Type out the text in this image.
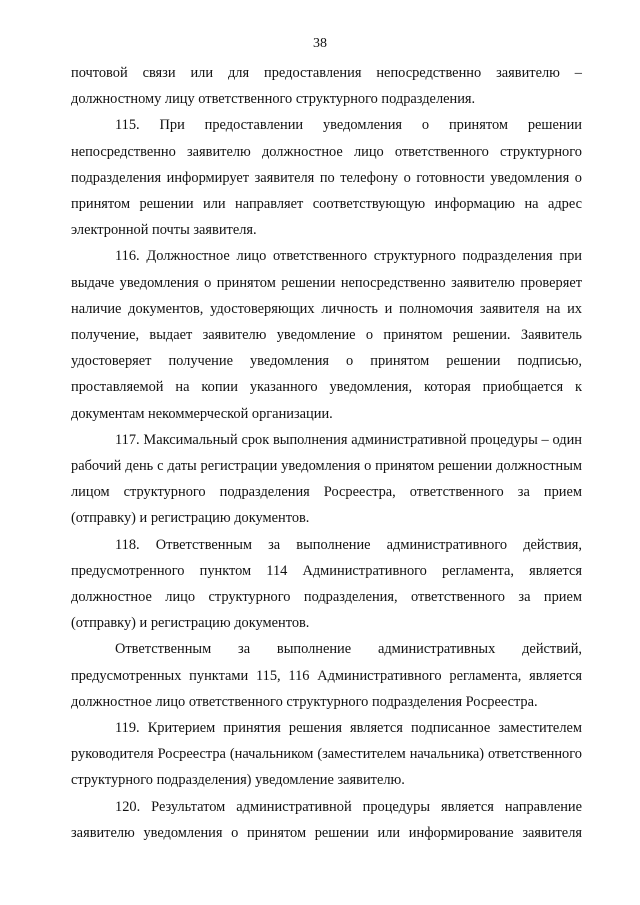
38

почтовой связи или для предоставления непосредственно заявителю – должностному лицу ответственного структурного подразделения.

115. При предоставлении уведомления о принятом решении непосредственно заявителю должностное лицо ответственного структурного подразделения информирует заявителя по телефону о готовности уведомления о принятом решении или направляет соответствующую информацию на адрес электронной почты заявителя.

116. Должностное лицо ответственного структурного подразделения при выдаче уведомления о принятом решении непосредственно заявителю проверяет наличие документов, удостоверяющих личность и полномочия заявителя на их получение, выдает заявителю уведомление о принятом решении. Заявитель удостоверяет получение уведомления о принятом решении подписью, проставляемой на копии указанного уведомления, которая приобщается к документам некоммерческой организации.

117. Максимальный срок выполнения административной процедуры – один рабочий день с даты регистрации уведомления о принятом решении должностным лицом структурного подразделения Росреестра, ответственного за прием (отправку) и регистрацию документов.

118. Ответственным за выполнение административного действия, предусмотренного пунктом 114 Административного регламента, является должностное лицо структурного подразделения, ответственного за прием (отправку) и регистрацию документов.

Ответственным за выполнение административных действий, предусмотренных пунктами 115, 116 Административного регламента, является должностное лицо ответственного структурного подразделения Росреестра.

119. Критерием принятия решения является подписанное заместителем руководителя Росреестра (начальником (заместителем начальника) ответственного структурного подразделения) уведомление заявителю.

120. Результатом административной процедуры является направление заявителю уведомления о принятом решении или информирование заявителя
